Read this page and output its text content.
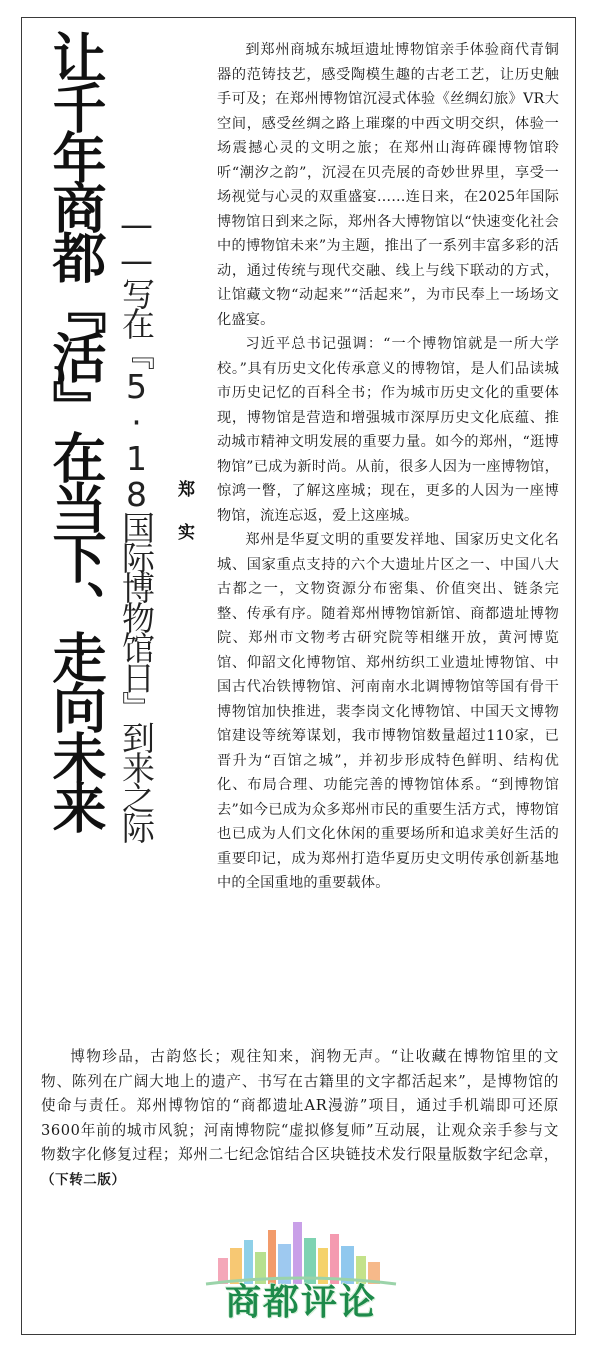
让千年商都『活』在当下、走向未来 ——写在『5·18国际博物馆日』到来之际 郑 实

到郑州商城东城垣遗址博物馆亲手体验商代青铜器的范铸技艺，感受陶模生趣的古老工艺，让历史触手可及；在郑州博物馆沉浸式体验《丝绸幻旅》VR大空间，感受丝绸之路上璀璨的中西文明交织，体验一场震撼心灵的文明之旅；在郑州山海砗磲博物馆聆听“潮汐之韵”，沉浸在贝壳展的奇妙世界里，享受一场视觉与心灵的双重盛宴……连日来，在2025年国际博物馆日到来之际，郑州各大博物馆以“快速变化社会中的博物馆未来”为主题，推出了一系列丰富多彩的活动，通过传统与现代交融、线上与线下联动的方式，让馆藏文物“动起来”“活起来”，为市民奉上一场场文化盛宴。

习近平总书记强调：“一个博物馆就是一所大学校。”具有历史文化传承意义的博物馆，是人们品读城市历史记忆的百科全书；作为城市历史文化的重要体现，博物馆是营造和增强城市深厚历史文化底蕴、推动城市精神文明发展的重要力量。如今的郑州，“逛博物馆”已成为新时尚。从前，很多人因为一座博物馆，惊鸿一瞥，了解这座城；现在，更多的人因为一座博物馆，流连忘返，爱上这座城。

郑州是华夏文明的重要发祥地、国家历史文化名城、国家重点支持的六个大遗址片区之一、中国八大古都之一，文物资源分布密集、价值突出、链条完整、传承有序。随着郑州博物馆新馆、商都遗址博物院、郑州市文物考古研究院等相继开放，黄河博览馆、仰韶文化博物馆、郑州纺织工业遗址博物馆、中国古代冶铁博物馆、河南南水北调博物馆等国有骨干博物馆加快推进，裴李岗文化博物馆、中国天文博物馆建设等统筹谋划，我市博物馆数量超过110家，已晋升为“百馆之城”，并初步形成特色鲜明、结构优化、布局合理、功能完善的博物馆体系。“到博物馆去”如今已成为众多郑州市民的重要生活方式，博物馆也已成为人们文化休闲的重要场所和追求美好生活的重要印记，成为郑州打造华夏历史文明传承创新基地中的全国重地的重要载体。

博物珍品，古韵悠长；观往知来，润物无声。“让收藏在博物馆里的文物、陈列在广阔大地上的遗产、书写在古籍里的文字都活起来”，是博物馆的使命与责任。郑州博物馆的“商都遗址AR漫游”项目，通过手机端即可还原3600年前的城市风貌；河南博物院“虚拟修复师”互动展，让观众亲手参与文物数字化修复过程；郑州二七纪念馆结合区块链技术发行限量版数字纪念章，（下转二版）

商都评论
